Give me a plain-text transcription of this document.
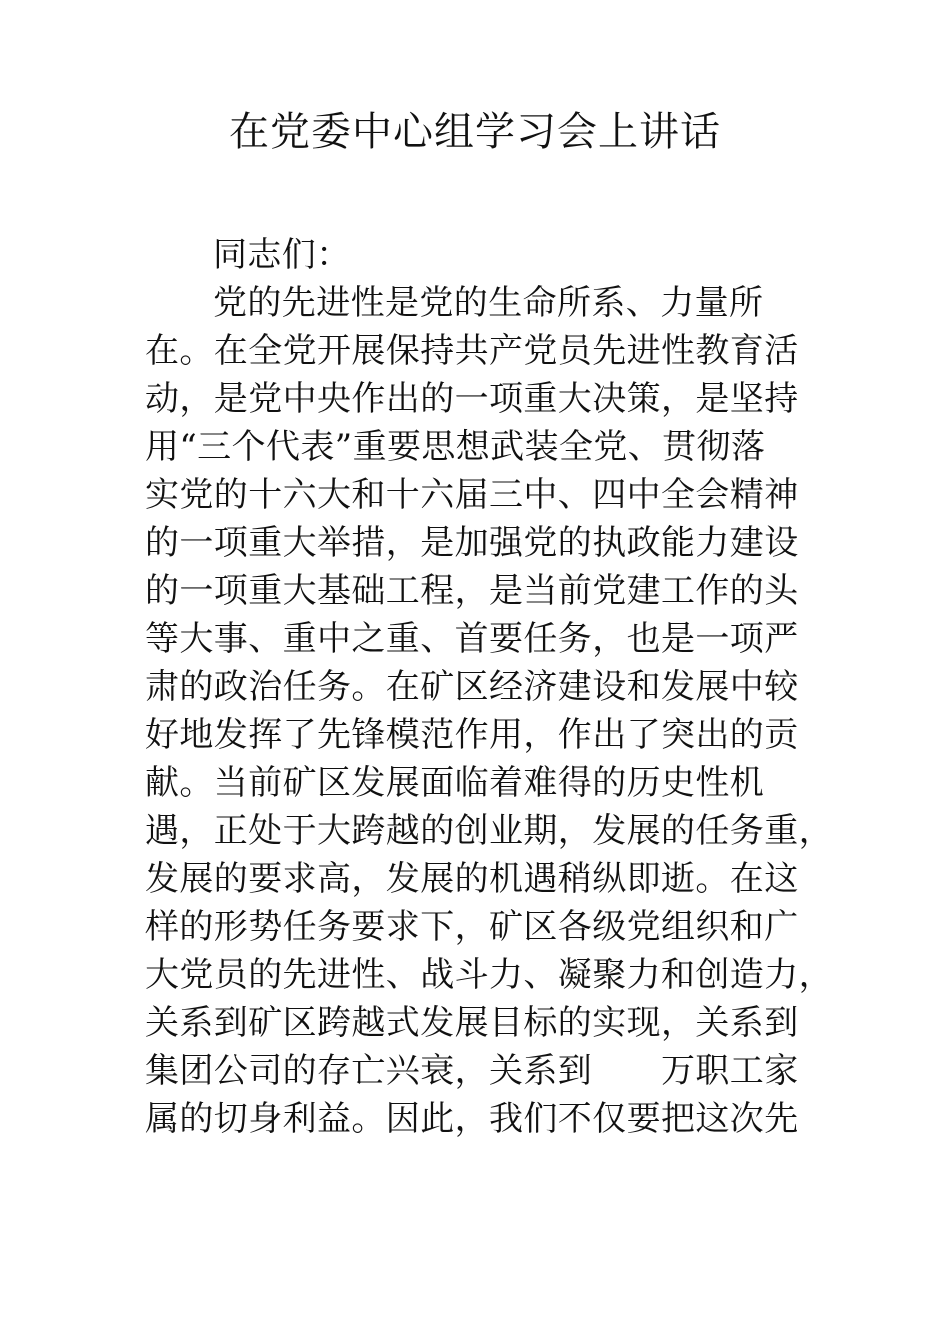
在党委中心组学习会上讲话
同志们：
党的先进性是党的生命所系、力量所
在。在全党开展保持共产党员先进性教育活
动，是党中央作出的一项重大决策，是坚持
用“三个代表”重要思想武装全党、贯彻落
实党的十六大和十六届三中、四中全会精神
的一项重大举措，是加强党的执政能力建设
的一项重大基础工程，是当前党建工作的头
等大事、重中之重、首要任务，也是一项严
肃的政治任务。在矿区经济建设和发展中较
好地发挥了先锋模范作用，作出了突出的贡
献。当前矿区发展面临着难得的历史性机
遇，正处于大跨越的创业期，发展的任务重，
发展的要求高，发展的机遇稍纵即逝。在这
样的形势任务要求下，矿区各级党组织和广
大党员的先进性、战斗力、凝聚力和创造力，
关系到矿区跨越式发展目标的实现，关系到
集团公司的存亡兴衰，关系到　　万职工家
属的切身利益。因此，我们不仅要把这次先
